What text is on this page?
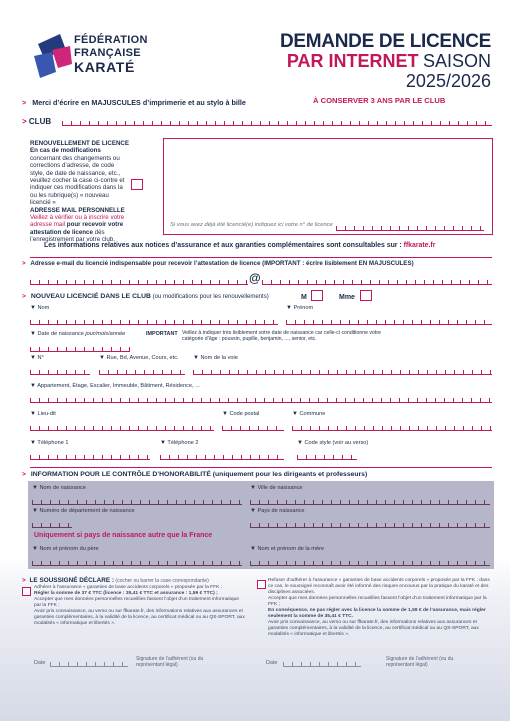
FÉDÉRATION
FRANÇAISE
KARATÉ
DEMANDE DE LICENCE
PAR INTERNET SAISON
2025/2026
> Merci d’écrire en MAJUSCULES d’imprimerie et au stylo à bille	À CONSERVER 3 ANS PAR LE CLUB
> CLUB
RENOUVELLEMENT DE LICENCE
En cas de modifications concernant des changements ou corrections d’adresse, de code style, de date de naissance, etc., veuillez cocher la case ci-contre et indiquer ces modifications dans la ou les rubrique(s) « nouveau licencié »
ADRESSE MAIL PERSONNELLE
Veillez à vérifier ou à inscrire votre adresse mail pour recevoir votre attestation de licence dès l’enregistrement par votre club.
Si vous avez déjà été licencié(e) indiquez ici votre n° de licence
Les informations relatives aux notices d’assurance et aux garanties complémentaires sont consultables sur : ffkarate.fr
> Adresse e-mail du licencié indispensable pour recevoir l’attestation de licence (IMPORTANT : écrire lisiblement EN MAJUSCULES)
@
> NOUVEAU LICENCIÉ DANS LE CLUB (ou modifications pour les renouvellements)	M	Mme
▼ Nom	▼ Prénom
▼ Date de naissance jour/mois/année	IMPORTANT Veillez à indiquer très lisiblement votre date de naissance car celle-ci conditionne votre catégorie d’âge : poussin, pupille, benjamin, ..., senior, etc.
▼ N°	▼ Rue, Bd, Avenue, Cours, etc. ▼ Nom de la voie
▼ Appartement, Étage, Escalier, Immeuble, Bâtiment, Résidence, ...
▼ Lieu-dit	▼ Code postal	▼ Commune
▼ Téléphone 1	▼ Téléphone 2	▼ Code style (voir au verso)
> INFORMATION POUR LE CONTRÔLE D’HONORABILITÉ (uniquement pour les dirigeants et professeurs)
▼ Nom de naissance	▼ Ville de naissance
▼ Numéro de département de naissance	▼ Pays de naissance
Uniquement si pays de naissance autre que la France
▼ Nom et prénom du père	▼ Nom et prénom de la mère
> LE SOUSSIGNÉ DÉCLARE : (cocher ou barrer la case correspondante)
Adhérer à l’assurance « garanties de base accidents corporels » proposée par la FFK ;
Régler la somme de 37 € TTC (licence : 35,41 € TTC et assurance : 1,59 € TTC) ;
Accepter que mes données personnelles recueillies fassent l’objet d’un traitement informatique par la FFK ;
Avoir pris connaissance, au verso ou sur ffkarate.fr, des informations relatives aux assurances et garanties complémentaires, à la validité de la licence, au certificat médical ou au QS-SPORT, aux modalités « informatique et libertés ».
Refuser d’adhérer à l’assurance « garanties de base accidents corporels » proposée par la FFK ; dans ce cas, le soussigné reconnaît avoir été informé des risques encourus par la pratique du karaté et des disciplines associées.
Accepter que mes données personnelles recueillies fassent l’objet d’un traitement informatique par la FFK ;
En conséquence, ne pas régler avec la licence la somme de 1,59 € de l’assurance, mais régler seulement la somme de 35,41 € TTC.
Avoir pris connaissance, au verso ou sur ffkarate.fr, des informations relatives aux assurances et garanties complémentaires, à la validité de la licence, au certificat médical ou au QS-SPORT, aux modalités « informatique et libertés ».
Date
Signature de l’adhérent (ou du représentant légal)	Date
Signature de l’adhérent (ou du représentant légal)
